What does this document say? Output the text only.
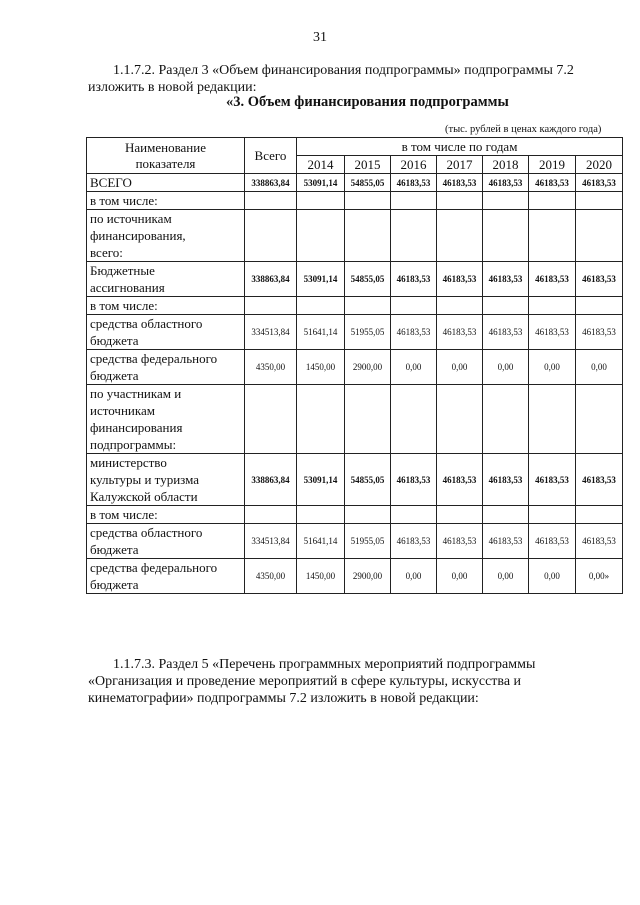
31
1.1.7.2. Раздел 3 «Объем финансирования подпрограммы» подпрограммы 7.2
изложить в новой редакции:
«3. Объем финансирования подпрограммы
(тыс. рублей в ценах каждого года)
Наименование
показателя	Всего	в том числе по годам						
		2014	2015	2016	2017	2018	2019	2020

ВСЕГО	338863,84	53091,14	54855,05	46183,53	46183,53	46183,53	46183,53	46183,53

в том числе:								

по источникам
финансирования,
всего:								

Бюджетные
ассигнования	338863,84	53091,14	54855,05	46183,53	46183,53	46183,53	46183,53	46183,53

в том числе:								

средства областного
бюджета	334513,84	51641,14	51955,05	46183,53	46183,53	46183,53	46183,53	46183,53

средства федерального
бюджета	4350,00	1450,00	2900,00	0,00	0,00	0,00	0,00	0,00

по участникам и
источникам
финансирования
подпрограммы:								

министерство
культуры и туризма
Калужской области	338863,84	53091,14	54855,05	46183,53	46183,53	46183,53	46183,53	46183,53

в том числе:								

средства областного
бюджета	334513,84	51641,14	51955,05	46183,53	46183,53	46183,53	46183,53	46183,53

средства федерального
бюджета	4350,00	1450,00	2900,00	0,00	0,00	0,00	0,00	0,00»
1.1.7.3. Раздел 5 «Перечень программных мероприятий подпрограммы
«Организация и проведение мероприятий в сфере культуры, искусства и
кинематографии» подпрограммы 7.2 изложить в новой редакции:
